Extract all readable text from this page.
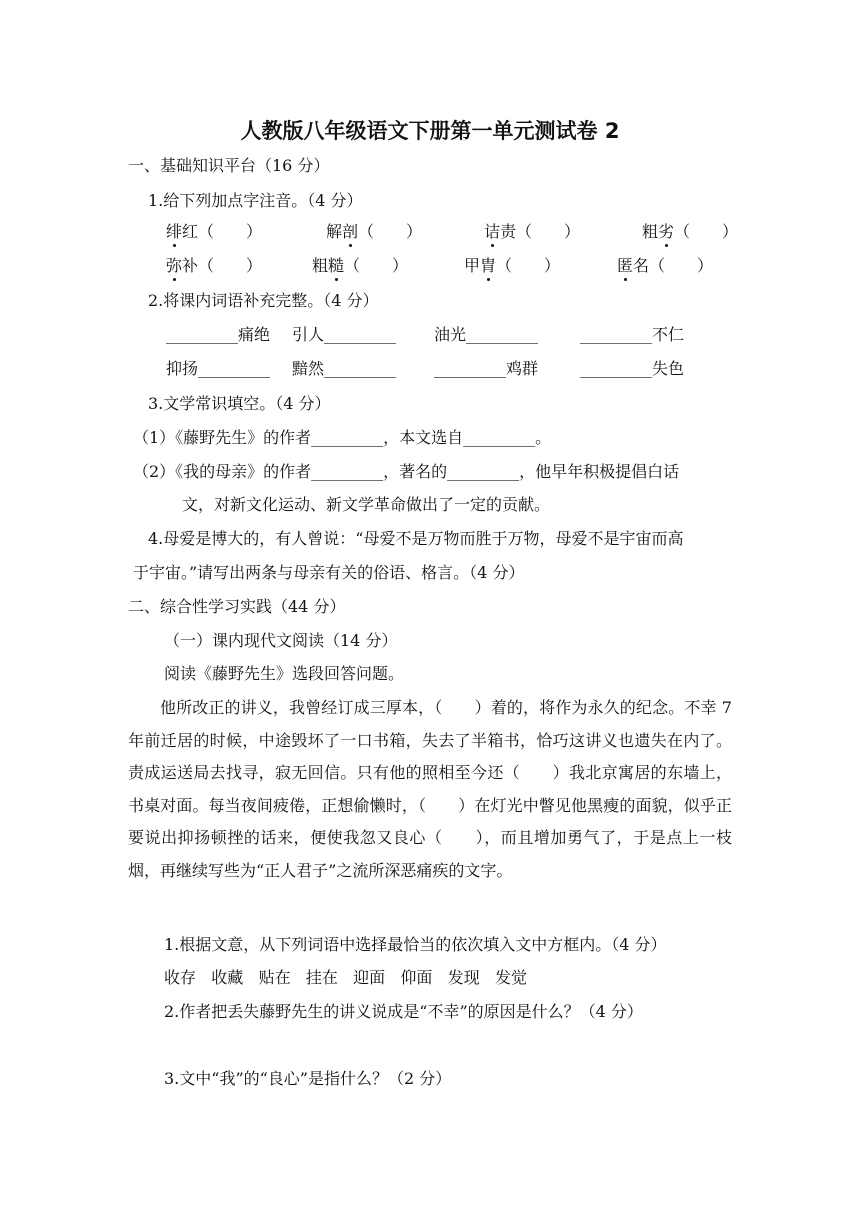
人教版八年级语文下册第一单元测试卷 2
一、基础知识平台（16 分）
1.给下列加点字注音。（4 分）
绯红（　　）	解剖（　　）	诘责（　　）	粗劣（　　）
弥补（　　）	粗糙（　　）	甲胄（　　）	匿名（　　）
2.将课内词语补充完整。（4 分）
_________痛绝 引人_________ 油光_________	_________不仁
抑扬_________ 黯然_________ _________鸡群	_________失色
3.文学常识填空。（4 分）
（1）《藤野先生》的作者_________，本文选自_________。
（2）《我的母亲》的作者_________，著名的_________，他早年积极提倡白话
文，对新文化运动、新文学革命做出了一定的贡献。
4.母爱是博大的，有人曾说：“母爱不是万物而胜于万物，母爱不是宇宙而高
于宇宙。”请写出两条与母亲有关的俗语、格言。（4 分）
二、综合性学习实践（44 分）
（一）课内现代文阅读（14 分）
阅读《藤野先生》选段回答问题。
他所改正的讲义，我曾经订成三厚本，（　　）着的，将作为永久的纪念。不幸 7 年前迁居的时候，中途毁坏了一口书箱，失去了半箱书，恰巧这讲义也遗失在内了。责成运送局去找寻，寂无回信。只有他的照相至今还（　　）我北京寓居的东墙上，书桌对面。每当夜间疲倦，正想偷懒时，（　　）在灯光中瞥见他黑瘦的面貌，似乎正要说出抑扬顿挫的话来，便使我忽又良心（　　），而且增加勇气了，于是点上一枝烟，再继续写些为“正人君子”之流所深恶痛疾的文字。
1.根据文意，从下列词语中选择最恰当的依次填入文中方框内。（4 分）
收存 收藏 贴在 挂在 迎面 仰面 发现 发觉
2.作者把丢失藤野先生的讲义说成是“不幸”的原因是什么？（4 分）
3.文中“我”的“良心”是指什么？（2 分）
